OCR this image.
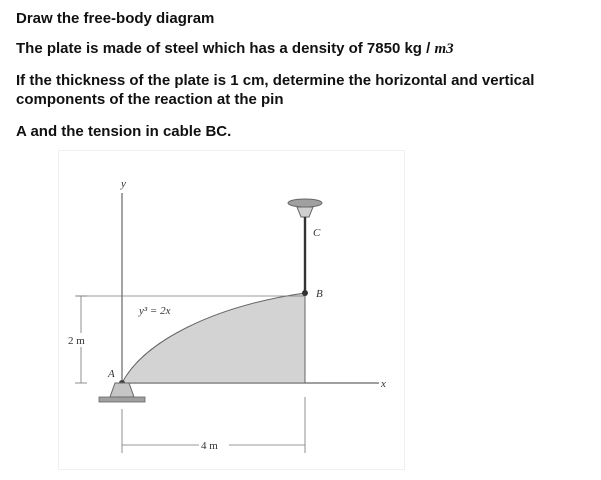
Draw the free-body diagram

The plate is made of steel which has a density of 7850 kg / m3

If the thickness of the plate is 1 cm, determine the horizontal and vertical components of the reaction at the pin

A and the tension in cable BC.

y
x
C
B
y³ = 2x
A
2 m
4 m
